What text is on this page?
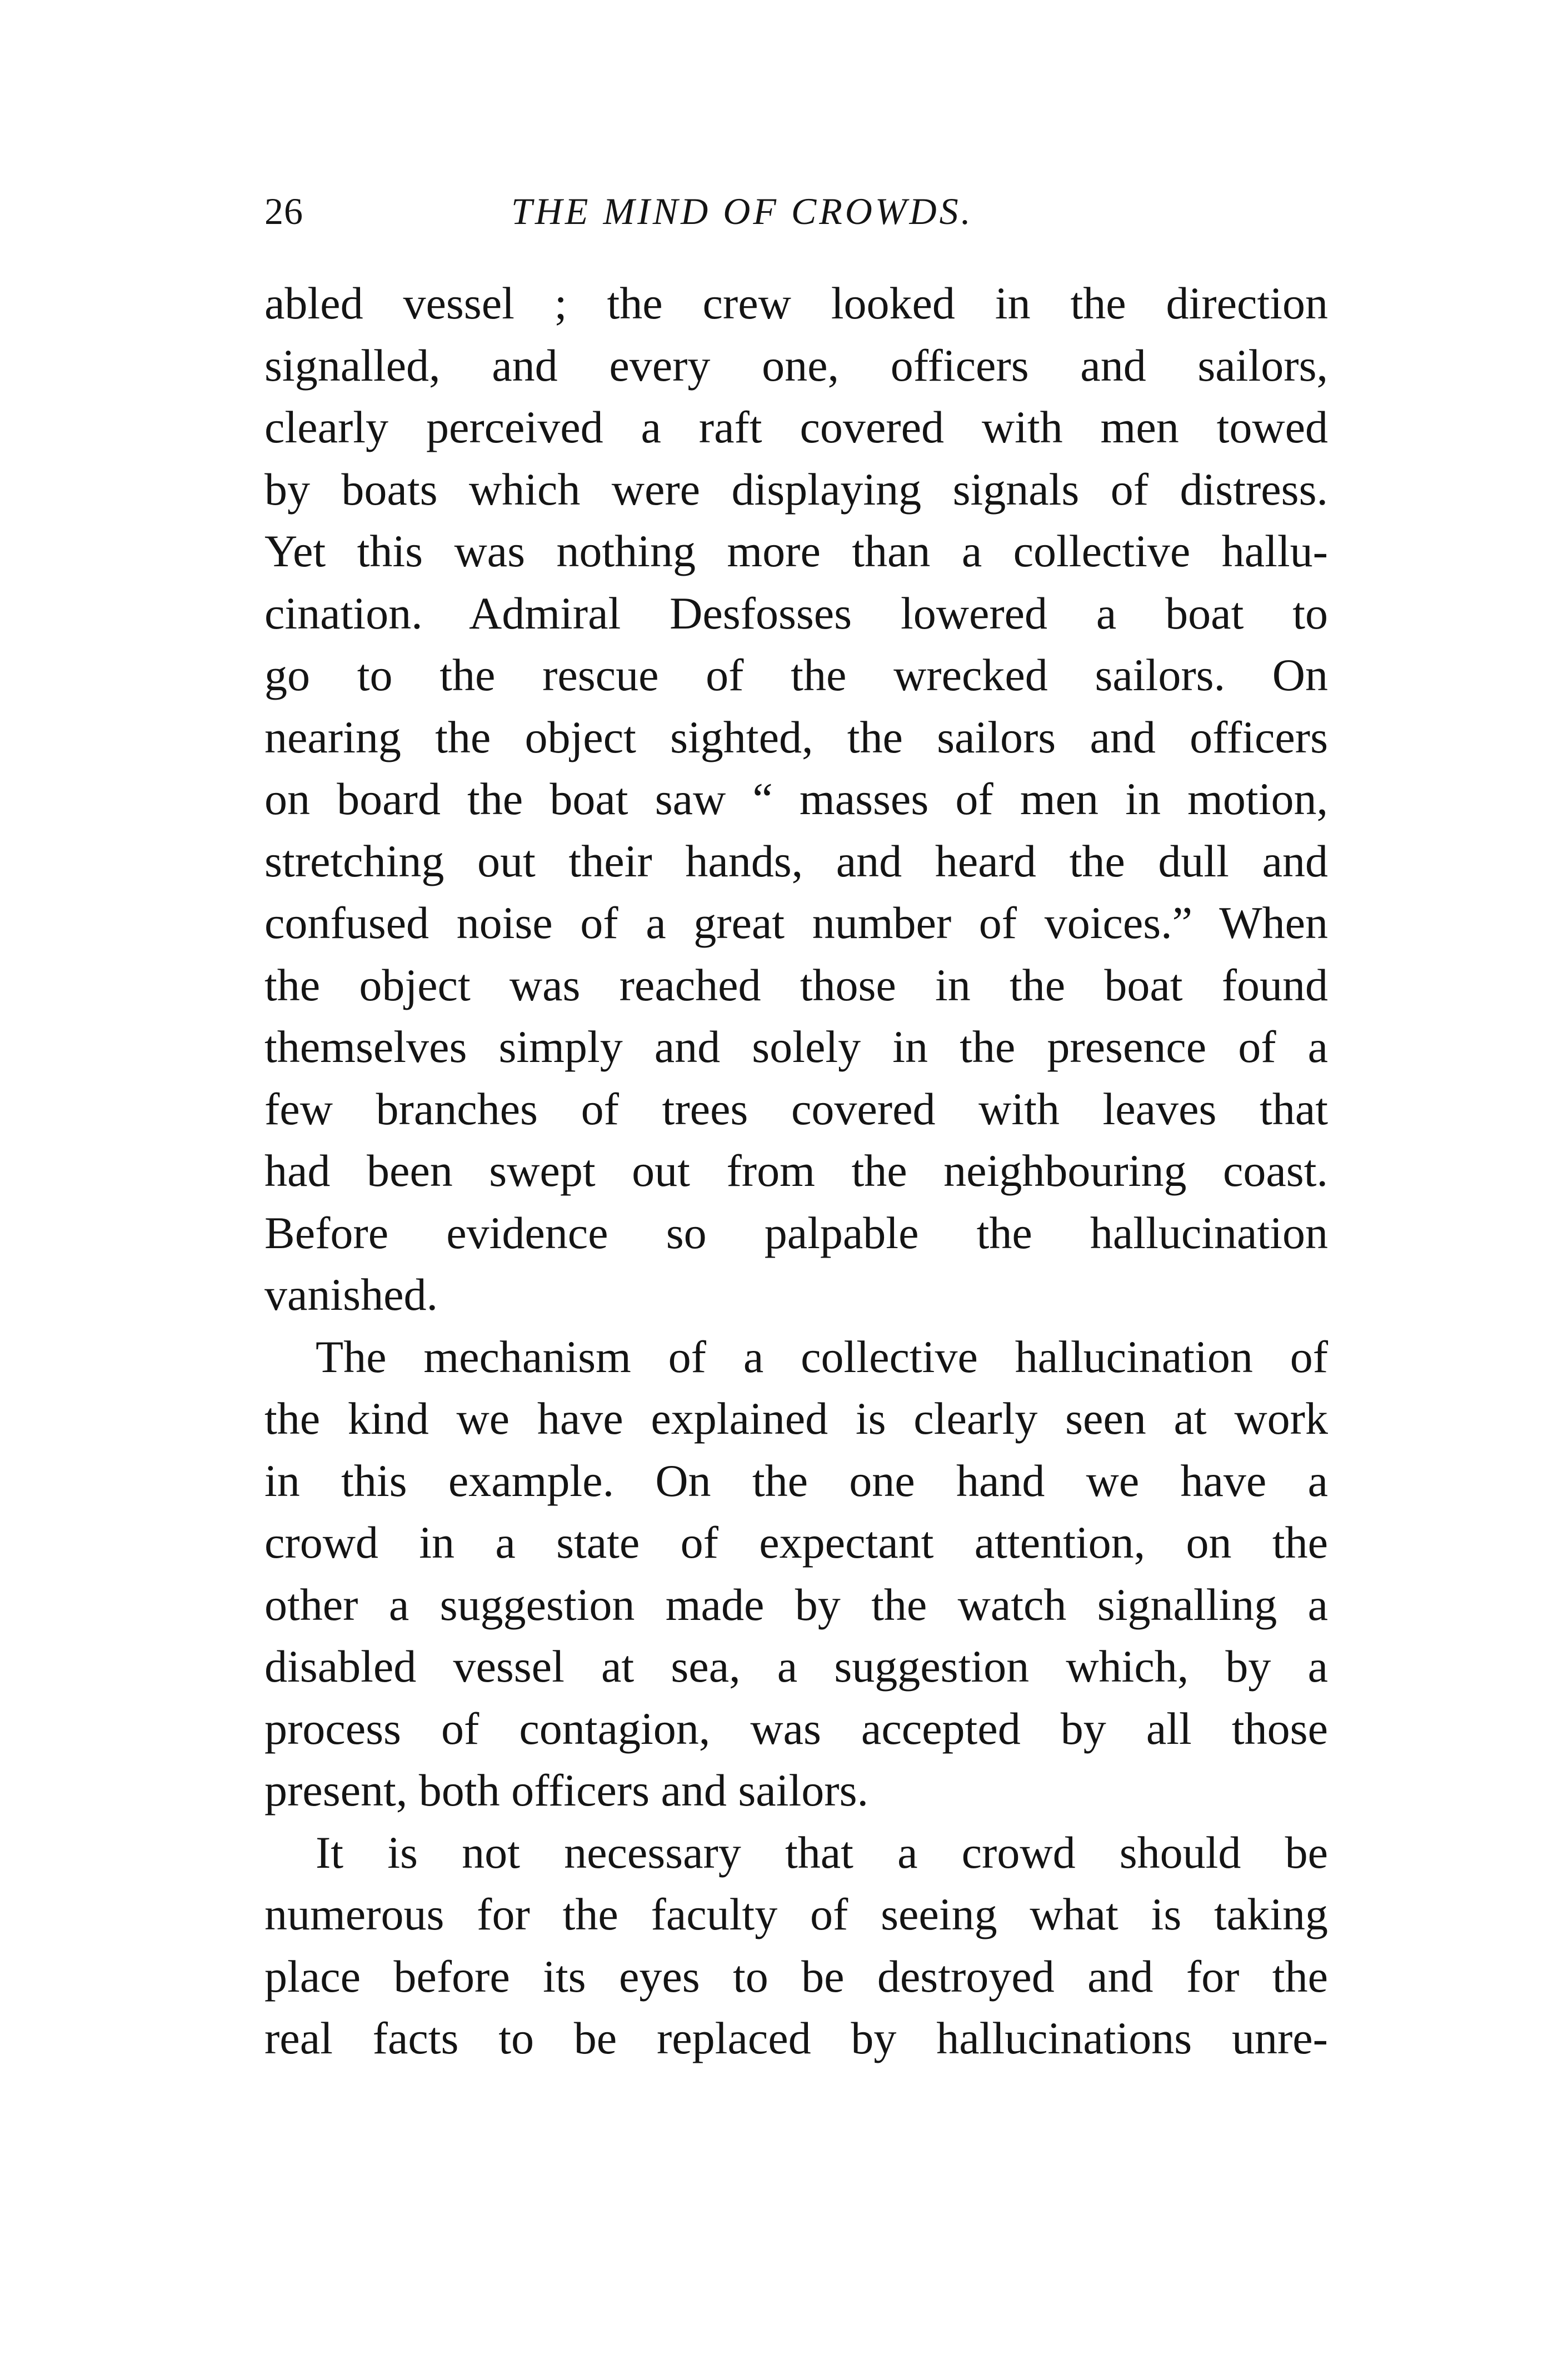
26	THE MIND OF CROWDS.
abled vessel ; the crew looked in the direction
signalled, and every one, officers and sailors,
clearly perceived a raft covered with men towed
by boats which were displaying signals of distress.
Yet this was nothing more than a collective hallu-
cination. Admiral Desfosses lowered a boat to
go to the rescue of the wrecked sailors. On
nearing the object sighted, the sailors and officers
on board the boat saw “ masses of men in motion,
stretching out their hands, and heard the dull and
confused noise of a great number of voices.” When
the object was reached those in the boat found
themselves simply and solely in the presence of a
few branches of trees covered with leaves that
had been swept out from the neighbouring coast.
Before evidence so palpable the hallucination
vanished.
The mechanism of a collective hallucination of
the kind we have explained is clearly seen at work
in this example. On the one hand we have a
crowd in a state of expectant attention, on the
other a suggestion made by the watch signalling a
disabled vessel at sea, a suggestion which, by a
process of contagion, was accepted by all those
present, both officers and sailors.
It is not necessary that a crowd should be
numerous for the faculty of seeing what is taking
place before its eyes to be destroyed and for the
real facts to be replaced by hallucinations unre-
